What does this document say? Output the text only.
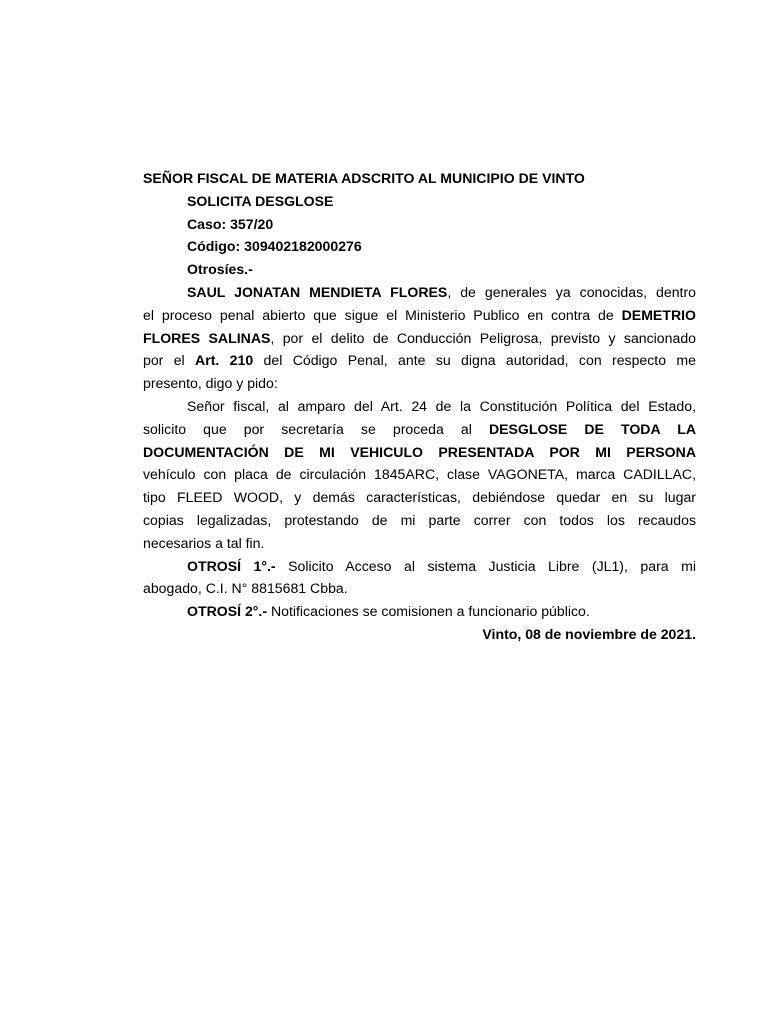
SEÑOR FISCAL DE MATERIA ADSCRITO AL MUNICIPIO DE VINTO
SOLICITA DESGLOSE
Caso: 357/20
Código: 309402182000276
Otrosíes.-
SAUL JONATAN MENDIETA FLORES, de generales ya conocidas, dentro
el proceso penal abierto que sigue el Ministerio Publico en contra de DEMETRIO
FLORES SALINAS, por el delito de Conducción Peligrosa, previsto y sancionado
por el Art. 210 del Código Penal, ante su digna autoridad, con respecto me
presento, digo y pido:
Señor fiscal, al amparo del Art. 24 de la Constitución Política del Estado,
solicito que por secretaría se proceda al DESGLOSE DE TODA LA
DOCUMENTACIÓN DE MI VEHICULO PRESENTADA POR MI PERSONA
vehículo con placa de circulación 1845ARC, clase VAGONETA, marca CADILLAC,
tipo FLEED WOOD, y demás características, debiéndose quedar en su lugar
copias legalizadas, protestando de mi parte correr con todos los recaudos
necesarios a tal fin.
OTROSÍ 1°.- Solicito Acceso al sistema Justicia Libre (JL1), para mi
abogado, C.I. N° 8815681 Cbba.
OTROSÍ 2°.- Notificaciones se comisionen a funcionario público.
Vinto, 08 de noviembre de 2021.
